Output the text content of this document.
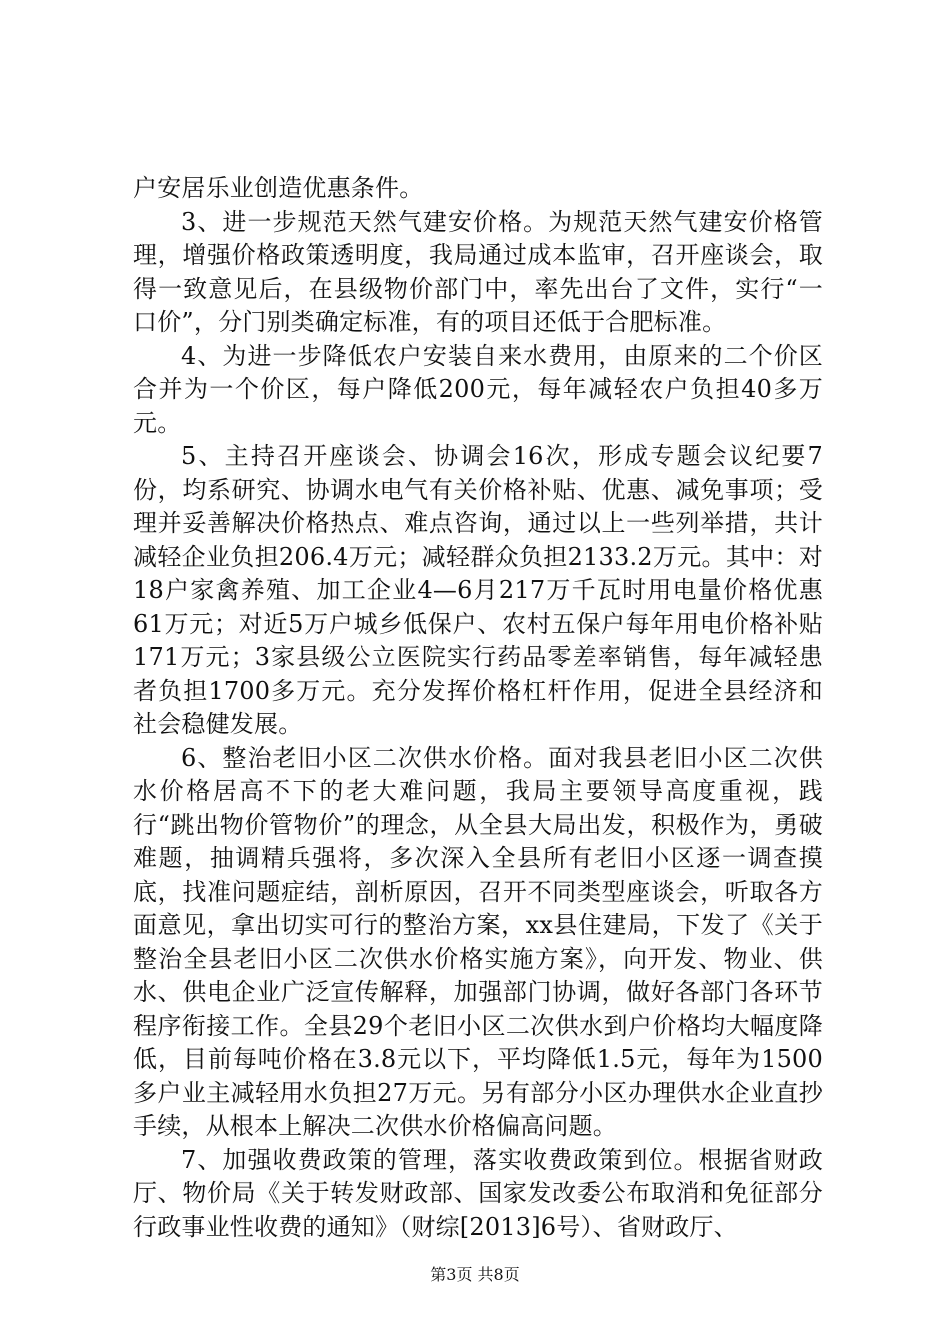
户安居乐业创造优惠条件。

3、进一步规范天然气建安价格。为规范天然气建安价格管理，增强价格政策透明度，我局通过成本监审，召开座谈会，取得一致意见后，在县级物价部门中，率先出台了文件，实行“一口价”，分门别类确定标准，有的项目还低于合肥标准。

4、为进一步降低农户安装自来水费用，由原来的二个价区合并为一个价区，每户降低200元，每年减轻农户负担40多万元。

5、主持召开座谈会、协调会16次，形成专题会议纪要7份，均系研究、协调水电气有关价格补贴、优惠、减免事项；受理并妥善解决价格热点、难点咨询，通过以上一些列举措，共计减轻企业负担206.4万元；减轻群众负担2133.2万元。其中：对18户家禽养殖、加工企业4—6月217万千瓦时用电量价格优惠61万元；对近5万户城乡低保户、农村五保户每年用电价格补贴171万元；3家县级公立医院实行药品零差率销售，每年减轻患者负担1700多万元。充分发挥价格杠杆作用，促进全县经济和社会稳健发展。

6、整治老旧小区二次供水价格。面对我县老旧小区二次供水价格居高不下的老大难问题，我局主要领导高度重视，践行“跳出物价管物价”的理念，从全县大局出发，积极作为，勇破难题，抽调精兵强将，多次深入全县所有老旧小区逐一调查摸底，找准问题症结，剖析原因，召开不同类型座谈会，听取各方面意见，拿出切实可行的整治方案，xx县住建局，下发了《关于整治全县老旧小区二次供水价格实施方案》，向开发、物业、供水、供电企业广泛宣传解释，加强部门协调，做好各部门各环节程序衔接工作。全县29个老旧小区二次供水到户价格均大幅度降低，目前每吨价格在3.8元以下，平均降低1.5元，每年为1500多户业主减轻用水负担27万元。另有部分小区办理供水企业直抄手续，从根本上解决二次供水价格偏高问题。

7、加强收费政策的管理，落实收费政策到位。根据省财政厅、物价局《关于转发财政部、国家发改委公布取消和免征部分行政事业性收费的通知》（财综[2013]6号）、省财政厅、

第3页 共8页
